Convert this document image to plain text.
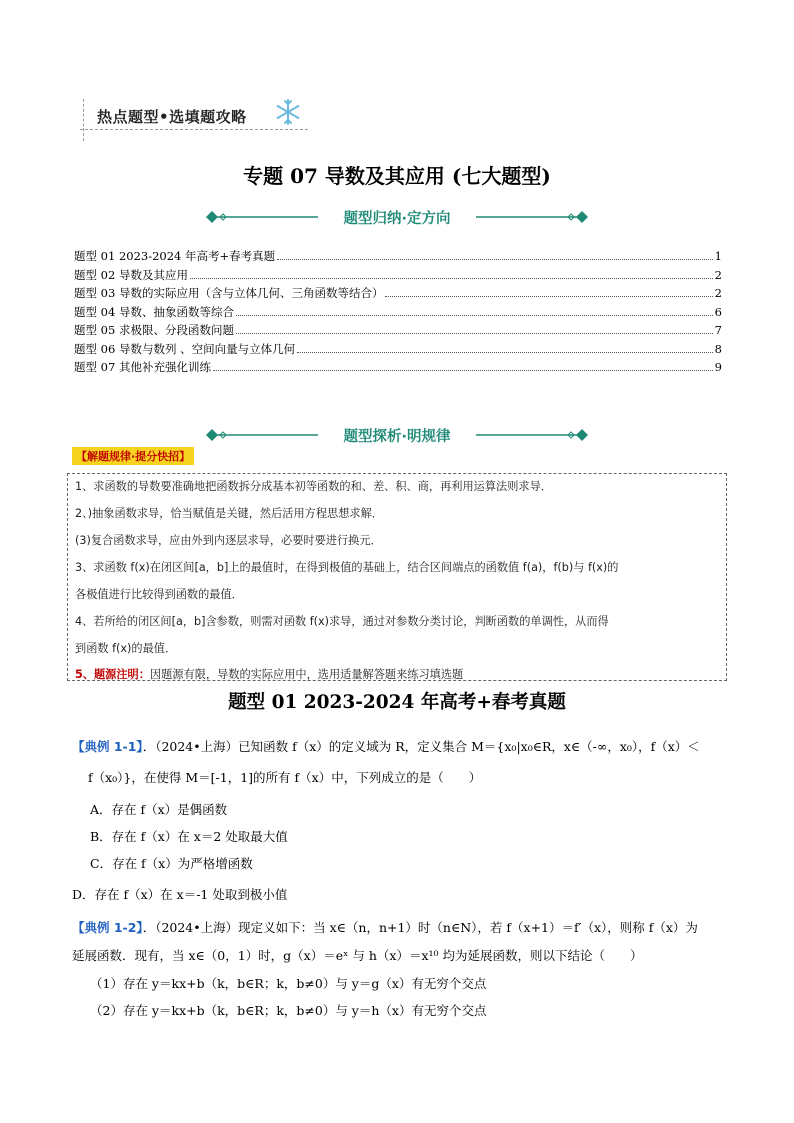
热点题型•选填题攻略
专题 07 导数及其应用 (七大题型)
题型归纳·定方向
题型 01 2023-2024 年高考+春考真题	1
题型 02 导数及其应用	2
题型 03 导数的实际应用（含与立体几何、三角函数等结合）	2
题型 04 导数、抽象函数等综合	6
题型 05 求极限、分段函数问题	7
题型 06 导数与数列 、空间向量与立体几何	8
题型 07 其他补充强化训练	9
题型探析·明规律
【解题规律·提分快招】
1、求函数的导数要准确地把函数拆分成基本初等函数的和、差、积、商，再利用运算法则求导．
2、)抽象函数求导，恰当赋值是关键，然后活用方程思想求解．
(3)复合函数求导，应由外到内逐层求导，必要时要进行换元．
3、求函数 f(x)在闭区间[a，b]上的最值时，在得到极值的基础上，结合区间端点的函数值 f(a)，f(b)与 f(x)的
各极值进行比较得到函数的最值．
4、若所给的闭区间[a，b]含参数，则需对函数 f(x)求导，通过对参数分类讨论，判断函数的单调性，从而得
到函数 f(x)的最值．
5、题源注明：因题源有限，导数的实际应用中，选用适量解答题来练习填选题
题型 01 2023-2024 年高考+春考真题
【典例 1-1】．（2024•上海）已知函数 f（x）的定义域为 R，定义集合 M＝{x₀|x₀∈R，x∈（-∞，x₀），f（x）＜
f（x₀）}，在使得 M＝[-1，1]的所有 f（x）中，下列成立的是（　　）
A．存在 f（x）是偶函数
B．存在 f（x）在 x＝2 处取最大值
C．存在 f（x）为严格增函数
D．存在 f（x）在 x＝-1 处取到极小值
【典例 1-2】．（2024•上海）现定义如下：当 x∈（n，n+1）时（n∈N），若 f（x+1）＝f′（x），则称 f（x）为
延展函数．现有，当 x∈（0，1）时，g（x）＝eˣ 与 h（x）＝x¹⁰ 均为延展函数，则以下结论（　　）
（1）存在 y＝kx+b（k，b∈R；k，b≠0）与 y＝g（x）有无穷个交点
（2）存在 y＝kx+b（k，b∈R；k，b≠0）与 y＝h（x）有无穷个交点
